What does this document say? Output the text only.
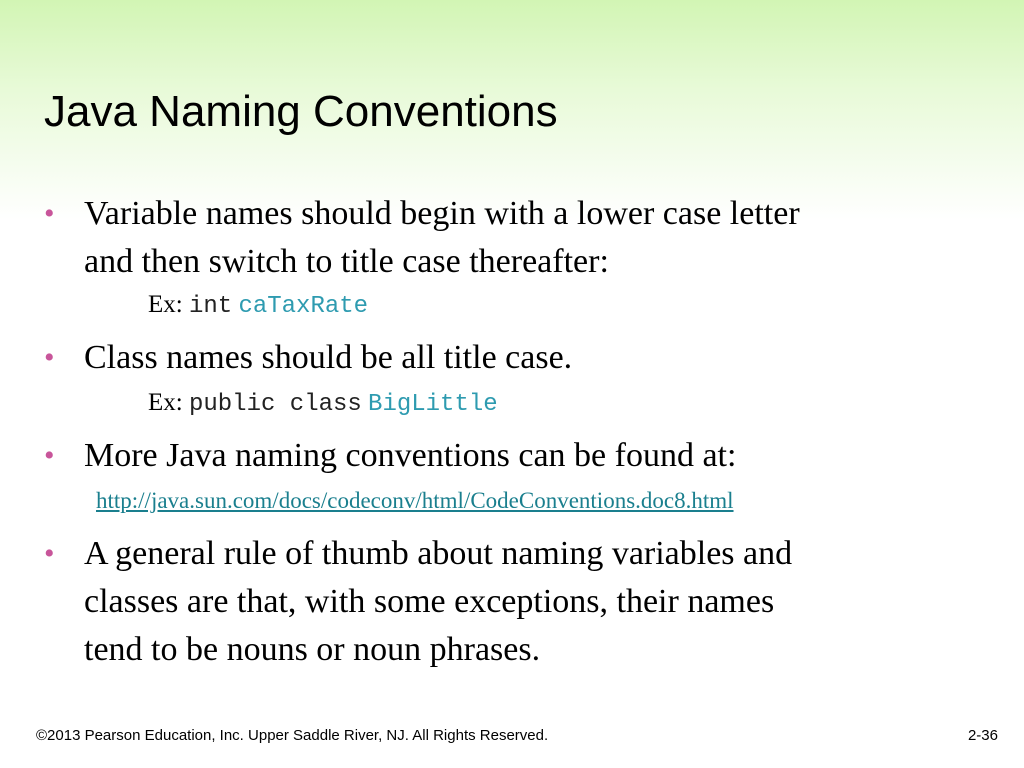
Java Naming Conventions
• Variable names should begin with a lower case letter
and then switch to title case thereafter:
Ex: int caTaxRate
• Class names should be all title case.
Ex: public class BigLittle
• More Java naming conventions can be found at:
http://java.sun.com/docs/codeconv/html/CodeConventions.doc8.html
• A general rule of thumb about naming variables and
classes are that, with some exceptions, their names
tend to be nouns or noun phrases.
©2013 Pearson Education, Inc. Upper Saddle River, NJ. All Rights Reserved.	2-36
